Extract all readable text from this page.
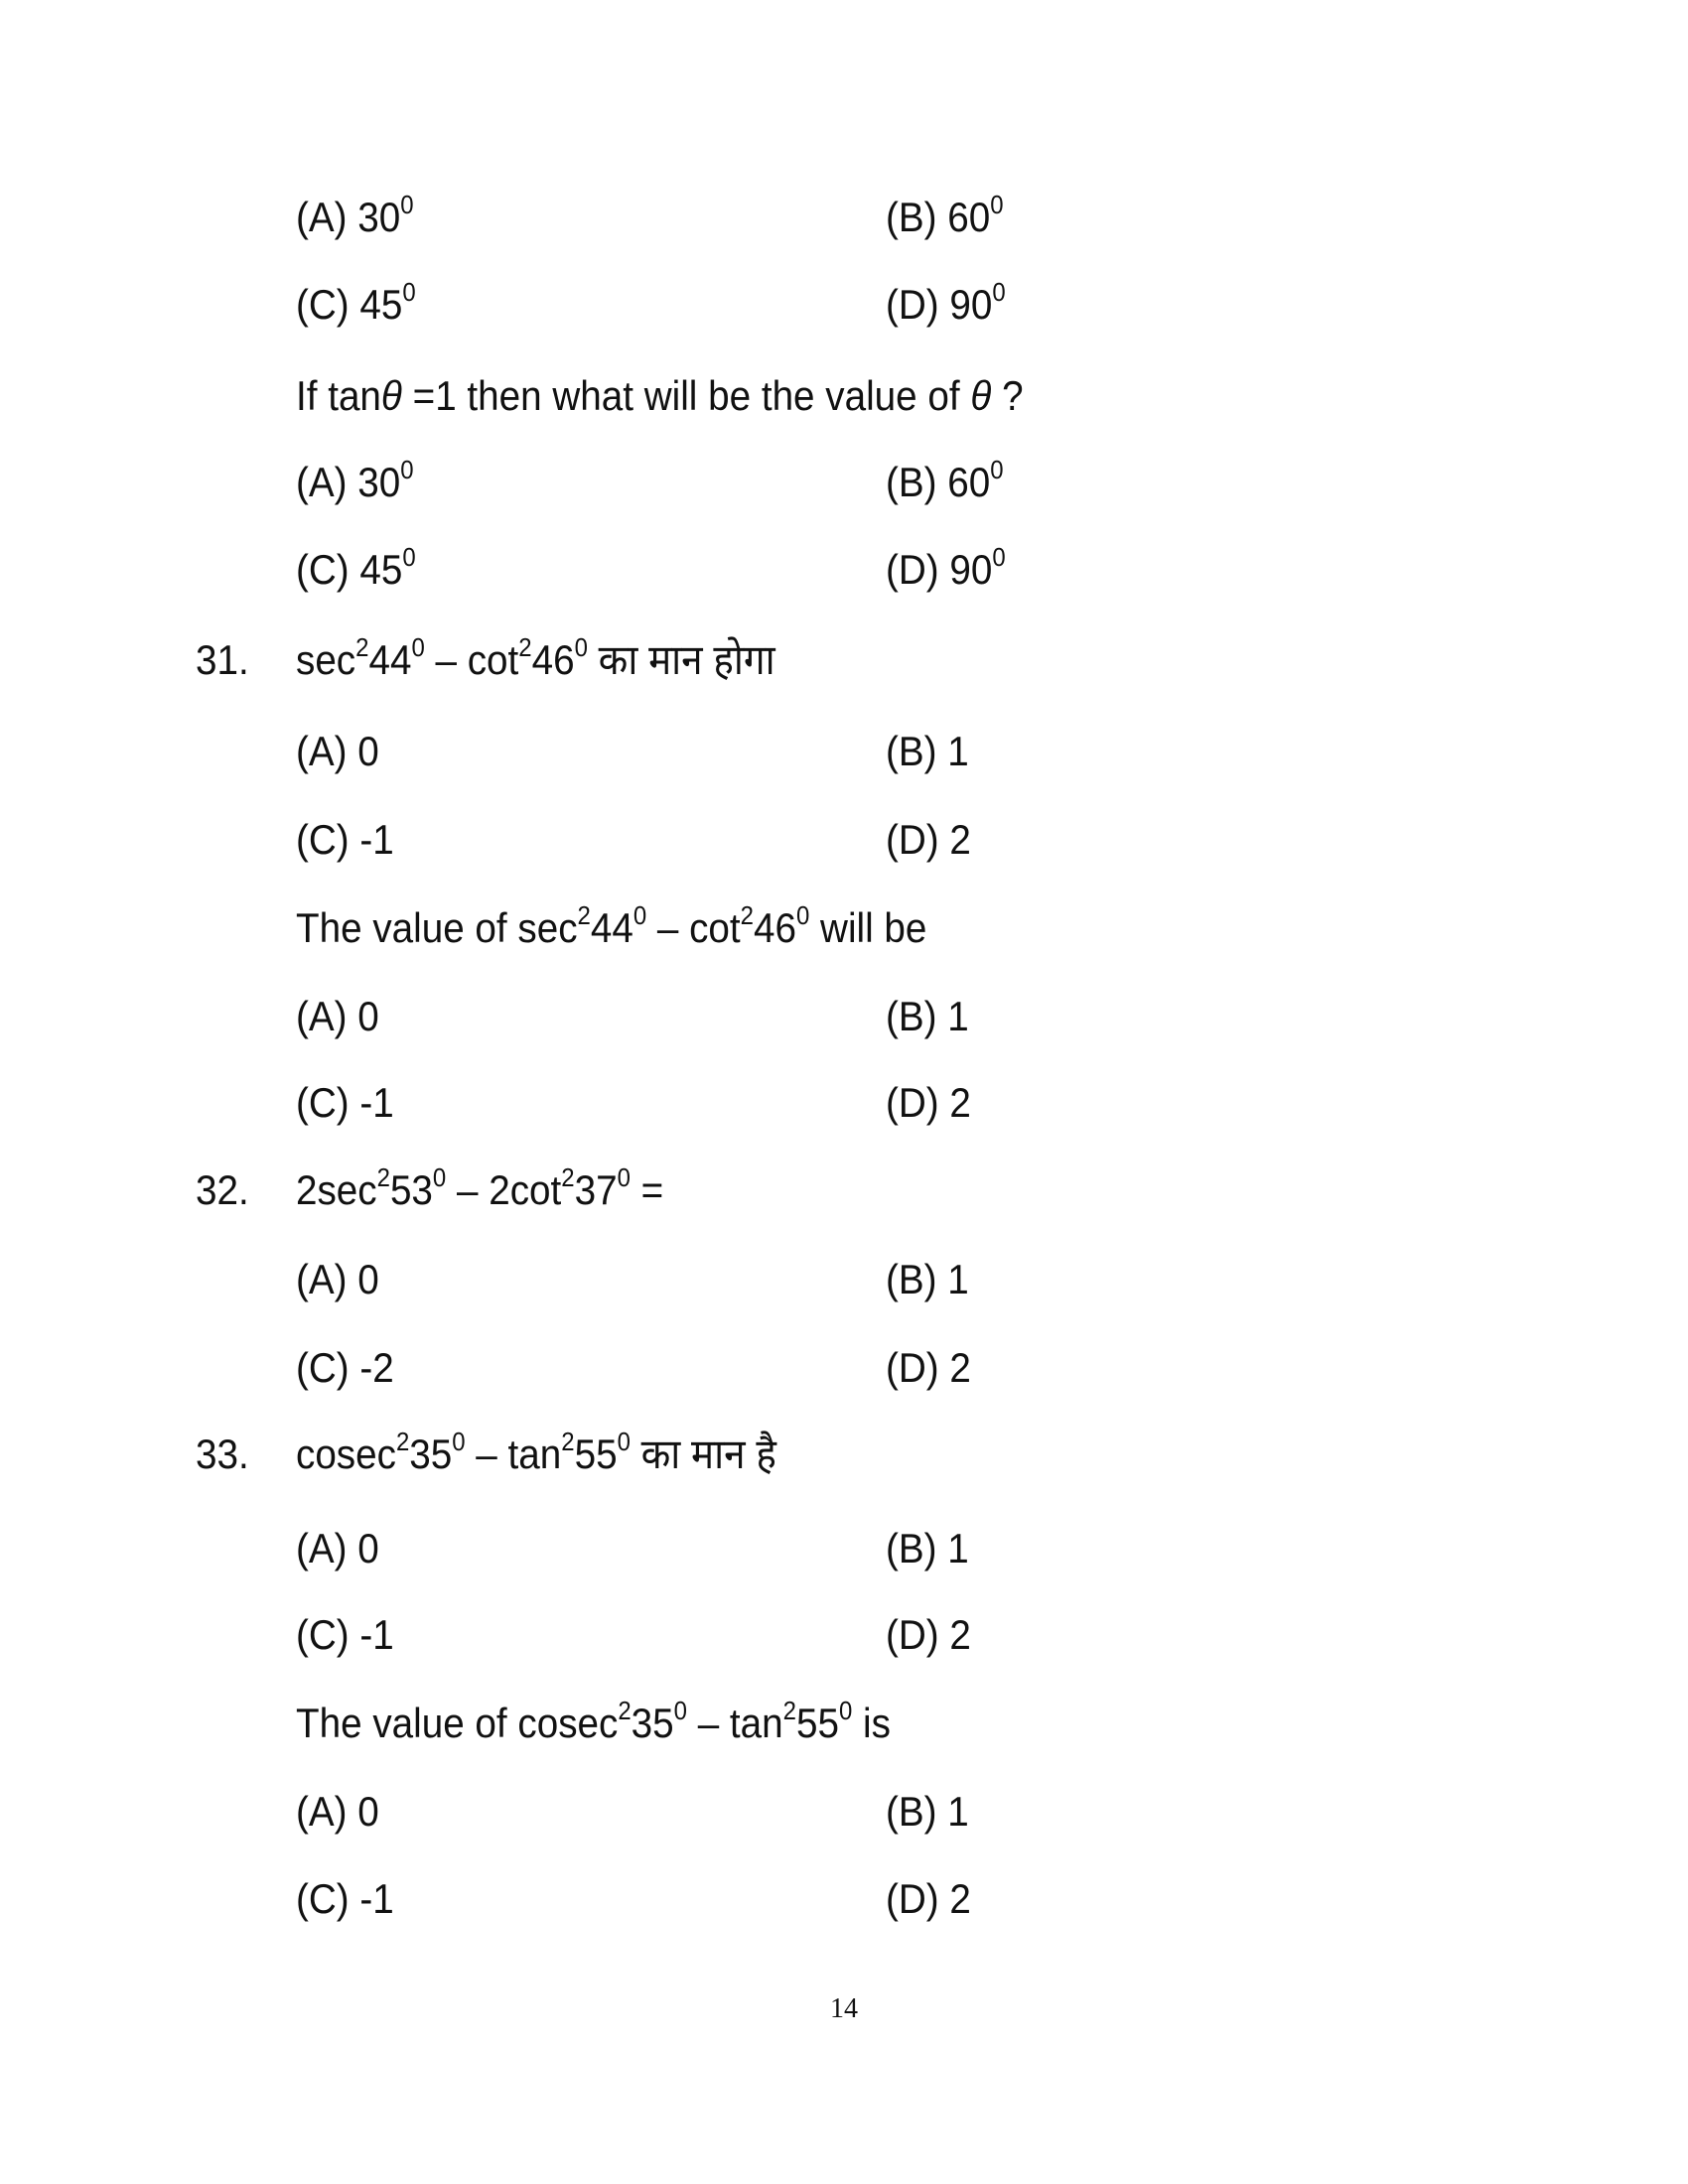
(A) $30^0$	(B) $60^0$
(C) $45^0$	(D) $90^0$
If tanθ =1 then what will be the value of θ ?
(A) $30^0$	(B) $60^0$
(C) $45^0$	(D) $90^0$
31. $\sec^244^0 - \cot^246^0$ का मान होगा
(A) 0	(B) 1
(C) -1	(D) 2
The value of $\sec^244^0 - \cot^246^0$ will be
(A) 0	(B) 1
(C) -1	(D) 2
32. $2\sec^253^0 - 2\cot^237^0$ =
(A) 0	(B) 1
(C) -2	(D) 2
33. $cosec^235^0 - \tan^255^0$ का मान है
(A) 0	(B) 1
(C) -1	(D) 2
The value of $cosec^235^0 - \tan^255^0$ is
(A) 0	(B) 1
(C) -1	(D) 2
14
